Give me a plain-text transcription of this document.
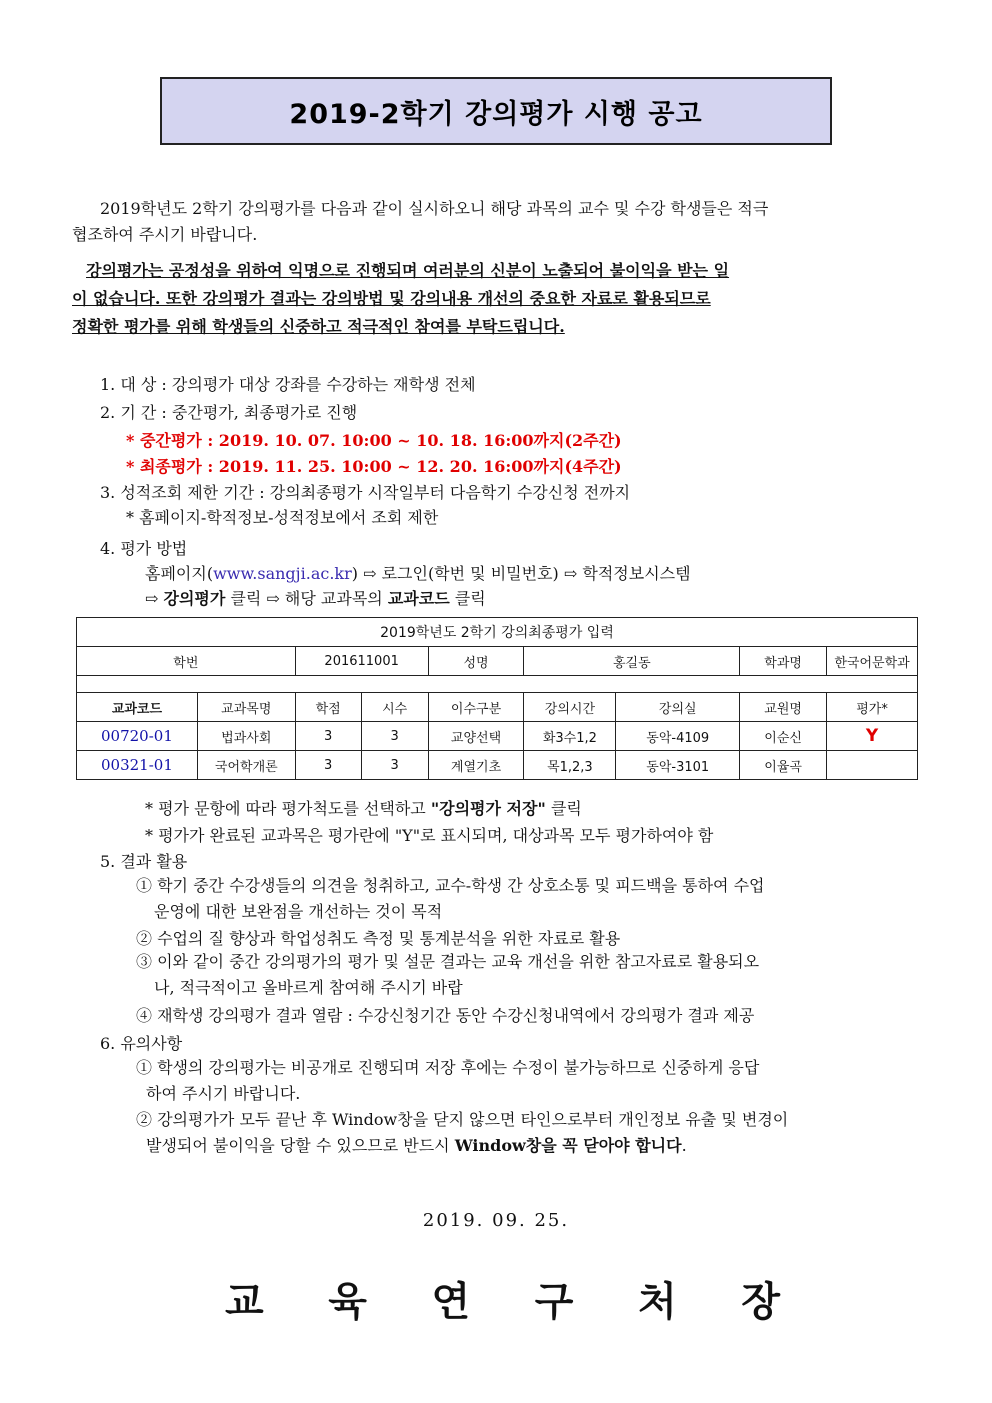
2019-2학기 강의평가 시행 공고
2019학년도 2학기 강의평가를 다음과 같이 실시하오니 해당 과목의 교수 및 수강 학생들은 적극
협조하여 주시기 바랍니다.
강의평가는 공정성을 위하여 익명으로 진행되며 여러분의 신분이 노출되어 불이익을 받는 일
이 없습니다. 또한 강의평가 결과는 강의방법 및 강의내용 개선의 중요한 자료로 활용되므로
정확한 평가를 위해 학생들의 신중하고 적극적인 참여를 부탁드립니다.
1. 대 상 : 강의평가 대상 강좌를 수강하는 재학생 전체
2. 기 간 : 중간평가, 최종평가로 진행
* 중간평가 : 2019. 10. 07. 10:00 ~ 10. 18. 16:00까지(2주간)
* 최종평가 : 2019. 11. 25. 10:00 ~ 12. 20. 16:00까지(4주간)
3. 성적조회 제한 기간 : 강의최종평가 시작일부터 다음학기 수강신청 전까지
* 홈페이지-학적정보-성적정보에서 조회 제한
4. 평가 방법
홈페이지(www.sangji.ac.kr) ⇨ 로그인(학번 및 비밀번호) ⇨ 학적정보시스템
⇨ 강의평가 클릭 ⇨ 해당 교과목의 교과코드 클릭
2019학년도 2학기 강의최종평가 입력								
학번		201611001		성명	홍길동		학과명	한국어문학과

교과코드	교과목명	학점	시수	이수구분	강의시간	강의실	교원명	평가*
00720-01	법과사회	3	3	교양선택	화3수1,2	동악-4109	이순신	Y
00321-01	국어학개론	3	3	계열기초	목1,2,3	동악-3101	이율곡	
* 평가 문항에 따라 평가척도를 선택하고 "강의평가 저장" 클릭
* 평가가 완료된 교과목은 평가란에 "Y"로 표시되며, 대상과목 모두 평가하여야 함
5. 결과 활용
① 학기 중간 수강생들의 의견을 청취하고, 교수-학생 간 상호소통 및 피드백을 통하여 수업
운영에 대한 보완점을 개선하는 것이 목적
② 수업의 질 향상과 학업성취도 측정 및 통계분석을 위한 자료로 활용
③ 이와 같이 중간 강의평가의 평가 및 설문 결과는 교육 개선을 위한 참고자료로 활용되오
나, 적극적이고 올바르게 참여해 주시기 바랍
④ 재학생 강의평가 결과 열람 : 수강신청기간 동안 수강신청내역에서 강의평가 결과 제공
6. 유의사항
① 학생의 강의평가는 비공개로 진행되며 저장 후에는 수정이 불가능하므로 신중하게 응답
하여 주시기 바랍니다.
② 강의평가가 모두 끝난 후 Window창을 닫지 않으면 타인으로부터 개인정보 유출 및 변경이
발생되어 불이익을 당할 수 있으므로 반드시 Window창을 꼭 닫아야 합니다.
2019. 09. 25.
교 육 연 구 처 장
